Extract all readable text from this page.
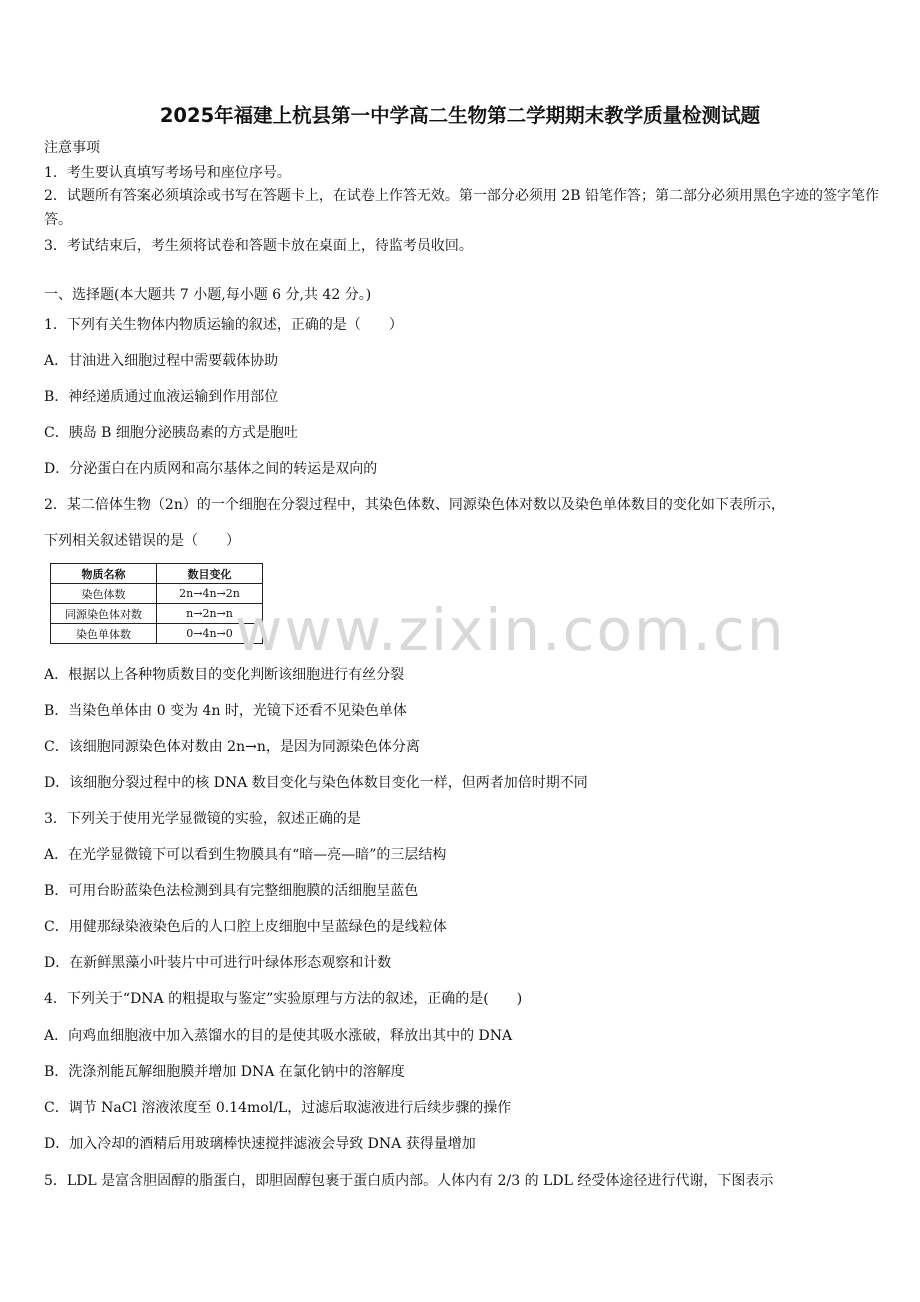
2025年福建上杭县第一中学高二生物第二学期期末教学质量检测试题
注意事项
1．考生要认真填写考场号和座位序号。
2．试题所有答案必须填涂或书写在答题卡上，在试卷上作答无效。第一部分必须用 2B 铅笔作答；第二部分必须用黑色字迹的签字笔作答。
3．考试结束后，考生须将试卷和答题卡放在桌面上，待监考员收回。
一、选择题(本大题共 7 小题,每小题 6 分,共 42 分。)
1．下列有关生物体内物质运输的叙述，正确的是（　　）
A．甘油进入细胞过程中需要载体协助
B．神经递质通过血液运输到作用部位
C．胰岛 B 细胞分泌胰岛素的方式是胞吐
D．分泌蛋白在内质网和高尔基体之间的转运是双向的
2．某二倍体生物（2n）的一个细胞在分裂过程中，其染色体数、同源染色体对数以及染色单体数目的变化如下表所示，
下列相关叙述错误的是（　　）
物质名称	数目变化
染色体数	2n→4n→2n
同源染色体对数	n→2n→n
染色单体数	0→4n→0 www.zixin.com.cn
A．根据以上各种物质数目的变化判断该细胞进行有丝分裂
B．当染色单体由 0 变为 4n 时，光镜下还看不见染色单体
C．该细胞同源染色体对数由 2n→n，是因为同源染色体分离
D．该细胞分裂过程中的核 DNA 数目变化与染色体数目变化一样，但两者加倍时期不同
3．下列关于使用光学显微镜的实验，叙述正确的是
A．在光学显微镜下可以看到生物膜具有“暗—亮—暗”的三层结构
B．可用台盼蓝染色法检测到具有完整细胞膜的活细胞呈蓝色
C．用健那绿染液染色后的人口腔上皮细胞中呈蓝绿色的是线粒体
D．在新鲜黑藻小叶装片中可进行叶绿体形态观察和计数
4．下列关于“DNA 的粗提取与鉴定”实验原理与方法的叙述，正确的是(　　)
A．向鸡血细胞液中加入蒸馏水的目的是使其吸水涨破，释放出其中的 DNA
B．洗涤剂能瓦解细胞膜并增加 DNA 在氯化钠中的溶解度
C．调节 NaCl 溶液浓度至 0.14mol/L，过滤后取滤液进行后续步骤的操作
D．加入冷却的酒精后用玻璃棒快速搅拌滤液会导致 DNA 获得量增加
5．LDL 是富含胆固醇的脂蛋白，即胆固醇包裹于蛋白质内部。人体内有 2/3 的 LDL 经受体途径进行代谢，下图表示
